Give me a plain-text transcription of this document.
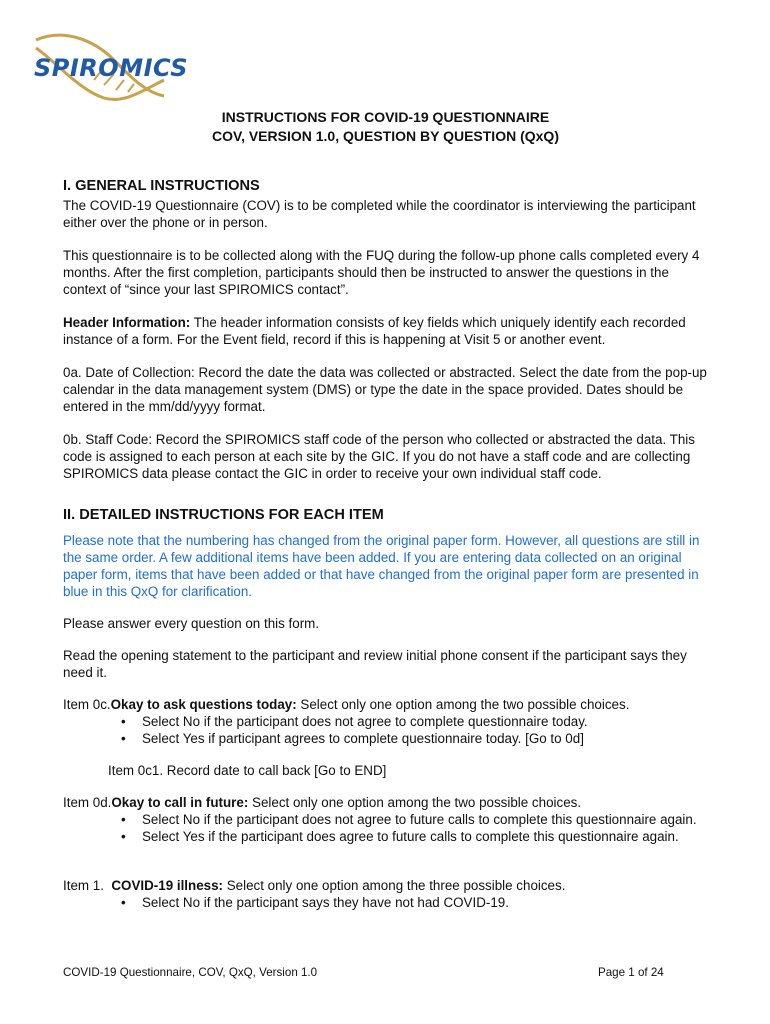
SPIROMICS
INSTRUCTIONS FOR COVID-19 QUESTIONNAIRE
COV, VERSION 1.0, QUESTION BY QUESTION (QxQ)
I. GENERAL INSTRUCTIONS

The COVID-19 Questionnaire (COV) is to be completed while the coordinator is interviewing the participant either over the phone or in person.

This questionnaire is to be collected along with the FUQ during the follow-up phone calls completed every 4 months. After the first completion, participants should then be instructed to answer the questions in the context of “since your last SPIROMICS contact”.

Header Information: The header information consists of key fields which uniquely identify each recorded instance of a form. For the Event field, record if this is happening at Visit 5 or another event.

0a. Date of Collection: Record the date the data was collected or abstracted. Select the date from the pop-up calendar in the data management system (DMS) or type the date in the space provided. Dates should be entered in the mm/dd/yyyy format.

0b. Staff Code: Record the SPIROMICS staff code of the person who collected or abstracted the data. This code is assigned to each person at each site by the GIC. If you do not have a staff code and are collecting SPIROMICS data please contact the GIC in order to receive your own individual staff code.

II. DETAILED INSTRUCTIONS FOR EACH ITEM

Please note that the numbering has changed from the original paper form. However, all questions are still in the same order. A few additional items have been added. If you are entering data collected on an original paper form, items that have been added or that have changed from the original paper form are presented in blue in this QxQ for clarification.

Please answer every question on this form.

Read the opening statement to the participant and review initial phone consent if the participant says they need it.

Item 0c.Okay to ask questions today: Select only one option among the two possible choices.

• Select No if the participant does not agree to complete questionnaire today.
• Select Yes if participant agrees to complete questionnaire today. [Go to 0d]

Item 0c1. Record date to call back [Go to END]

Item 0d.Okay to call in future: Select only one option among the two possible choices.

• Select No if the participant does not agree to future calls to complete this questionnaire again.
• Select Yes if the participant does agree to future calls to complete this questionnaire again.

Item 1.  COVID-19 illness: Select only one option among the three possible choices.

• Select No if the participant says they have not had COVID-19.
COVID-19 Questionnaire, COV, QxQ, Version 1.0	Page 1 of 24
